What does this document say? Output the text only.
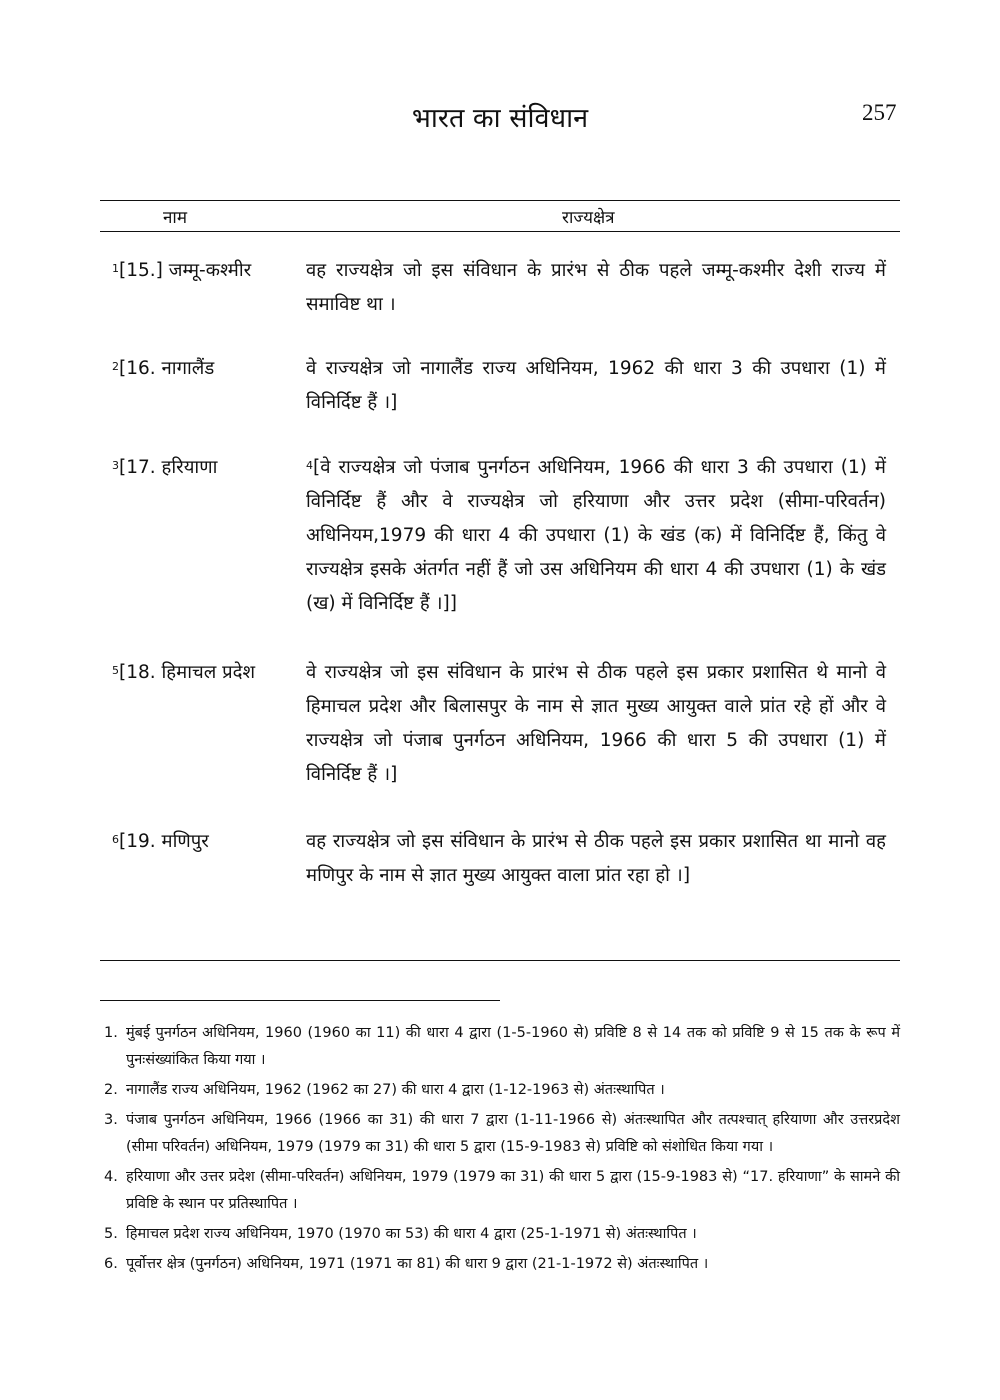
भारत का संविधान	257
नाम	राज्यक्षेत्र
$^1$[15.] जम्मू-कश्मीर	वह राज्यक्षेत्र जो इस संविधान के प्रारंभ से ठीक पहले जम्मू-कश्मीर देशी राज्य में समाविष्ट था ।
$^2$[16. नागालैंड	वे राज्यक्षेत्र जो नागालैंड राज्य अधिनियम, 1962 की धारा 3 की उपधारा (1) में विनिर्दिष्ट हैं ।]
$^3$[17. हरियाणा	$^4$[वे राज्यक्षेत्र जो पंजाब पुनर्गठन अधिनियम, 1966 की धारा 3 की उपधारा (1) में विनिर्दिष्ट हैं और वे राज्यक्षेत्र जो हरियाणा और उत्तर प्रदेश (सीमा-परिवर्तन) अधिनियम,1979 की धारा 4 की उपधारा (1) के खंड (क) में विनिर्दिष्ट हैं, किंतु वे राज्यक्षेत्र इसके अंतर्गत नहीं हैं जो उस अधिनियम की धारा 4 की उपधारा (1) के खंड (ख) में विनिर्दिष्ट हैं ।]]
$^5$[18. हिमाचल प्रदेश	वे राज्यक्षेत्र जो इस संविधान के प्रारंभ से ठीक पहले इस प्रकार प्रशासित थे मानो वे हिमाचल प्रदेश और बिलासपुर के नाम से ज्ञात मुख्य आयुक्त वाले प्रांत रहे हों और वे राज्यक्षेत्र जो पंजाब पुनर्गठन अधिनियम, 1966 की धारा 5 की उपधारा (1) में विनिर्दिष्ट हैं ।]
$^6$[19. मणिपुर	वह राज्यक्षेत्र जो इस संविधान के प्रारंभ से ठीक पहले इस प्रकार प्रशासित था मानो वह मणिपुर के नाम से ज्ञात मुख्य आयुक्त वाला प्रांत रहा हो ।]
1. मुंबई पुनर्गठन अधिनियम, 1960 (1960 का 11) की धारा 4 द्वारा (1-5-1960 से) प्रविष्टि 8 से 14 तक को प्रविष्टि 9 से 15 तक के रूप में पुनःसंख्यांकित किया गया ।
2. नागालैंड राज्य अधिनियम, 1962 (1962 का 27) की धारा 4 द्वारा (1-12-1963 से) अंतःस्थापित ।
3. पंजाब पुनर्गठन अधिनियम, 1966 (1966 का 31) की धारा 7 द्वारा (1-11-1966 से) अंतःस्थापित और तत्पश्चात् हरियाणा और उत्तरप्रदेश (सीमा परिवर्तन) अधिनियम, 1979 (1979 का 31) की धारा 5 द्वारा (15-9-1983 से) प्रविष्टि को संशोधित किया गया ।
4. हरियाणा और उत्तर प्रदेश (सीमा-परिवर्तन) अधिनियम, 1979 (1979 का 31) की धारा 5 द्वारा (15-9-1983 से) “17. हरियाणा” के सामने की प्रविष्टि के स्थान पर प्रतिस्थापित ।
5. हिमाचल प्रदेश राज्य अधिनियम, 1970 (1970 का 53) की धारा 4 द्वारा (25-1-1971 से) अंतःस्थापित ।
6. पूर्वोत्तर क्षेत्र (पुनर्गठन) अधिनियम, 1971 (1971 का 81) की धारा 9 द्वारा (21-1-1972 से) अंतःस्थापित ।
